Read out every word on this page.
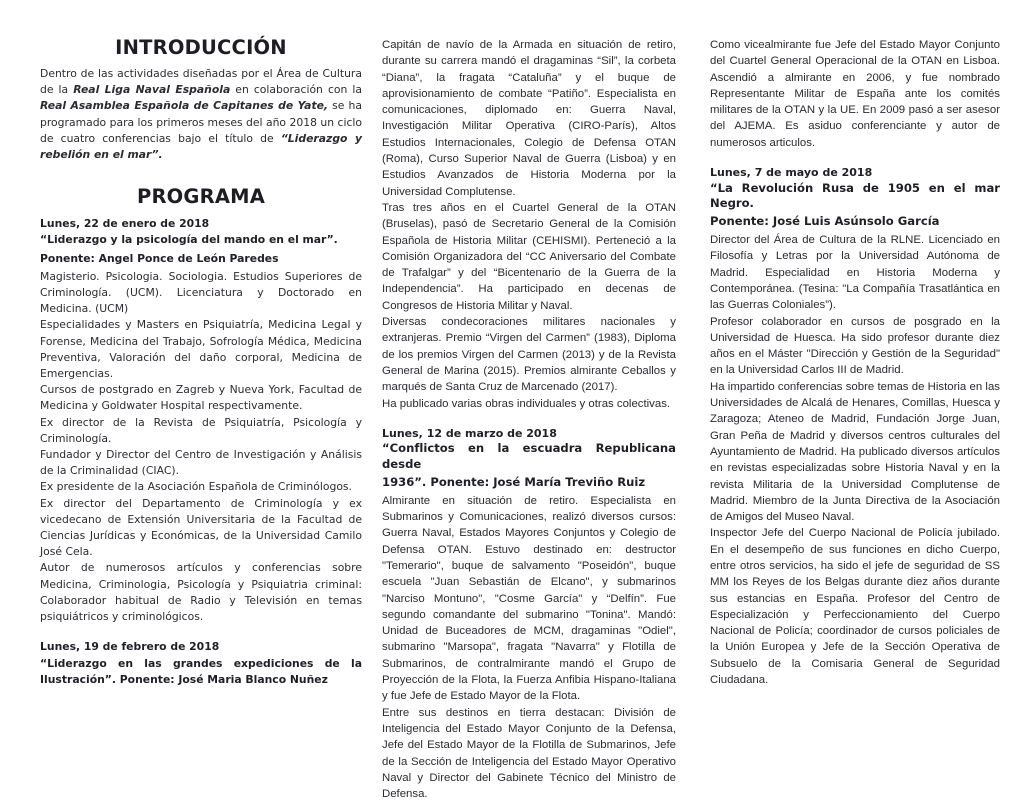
INTRODUCCIÓN

Dentro de las actividades diseñadas por el Área de Cultura de la Real Liga Naval Española en colaboración con la Real Asamblea Española de Capitanes de Yate, se ha programado para los primeros meses del año 2018 un ciclo de cuatro conferencias bajo el título de “Liderazgo y rebelión en el mar”.

PROGRAMA

Lunes, 22 de enero de 2018

“Liderazgo y la psicología del mando en el mar”.

Ponente: Angel Ponce de León Paredes

Magisterio. Psicologia. Sociologia. Estudios Superiores de Criminología. (UCM). Licenciatura y Doctorado en Medicina. (UCM)

Especialidades y Masters en Psiquiatría, Medicina Legal y Forense, Medicina del Trabajo, Sofrología Médica, Medicina Preventiva, Valoración del daño corporal, Medicina de Emergencias.

Cursos de postgrado en Zagreb y Nueva York, Facultad de Medicina y Goldwater Hospital respectivamente.

Ex director de la Revista de Psiquiatría, Psicología y Criminología.

Fundador y Director del Centro de Investigación y Análisis de la Criminalidad (CIAC).

Ex presidente de la Asociación Española de Criminólogos.

Ex director del Departamento de Criminología y ex vicedecano de Extensión Universitaria de la Facultad de Ciencias Jurídicas y Económicas, de la Universidad Camilo José Cela.

Autor de numerosos artículos y conferencias sobre Medicina, Criminologia, Psicología y Psiquiatria criminal: Colaborador habitual de Radio y Televisión en temas psiquiátricos y criminológicos.

Lunes, 19 de febrero de 2018

“Liderazgo en las grandes expediciones de la Ilustración”. Ponente: José Maria Blanco Nuñez

Capitán de navío de la Armada en situación de retiro, durante su carrera mandó el dragaminas “Sil”, la corbeta “Diana”, la fragata “Cataluña” y el buque de aprovisionamiento de combate “Patiño”. Especialista en comunicaciones, diplomado en: Guerra Naval, Investigación Militar Operativa (CIRO-París), Altos Estudios Internacionales, Colegio de Defensa OTAN (Roma), Curso Superior Naval de Guerra (Lisboa) y en Estudios Avanzados de Historia Moderna por la Universidad Complutense.

Tras tres años en el Cuartel General de la OTAN (Bruselas), pasó de Secretario General de la Comisión Española de Historia Militar (CEHISMI). Perteneció a la Comisión Organizadora del “CC Aniversario del Combate de Trafalgar” y del “Bicentenario de la Guerra de la Independencia”. Ha participado en decenas de Congresos de Historia Militar y Naval.

Diversas condecoraciones militares nacionales y extranjeras. Premio “Virgen del Carmen” (1983), Diploma de los premios Virgen del Carmen (2013) y de la Revista General de Marina (2015). Premios almirante Ceballos y marqués de Santa Cruz de Marcenado (2017).

Ha publicado varias obras individuales y otras colectivas.

Lunes, 12 de marzo de 2018

“Conflictos en la escuadra Republicana desde

1936”. Ponente: José María Treviño Ruiz

Almirante en situación de retiro. Especialista en Submarinos y Comunicaciones, realizó diversos cursos: Guerra Naval, Estados Mayores Conjuntos y Colegio de Defensa OTAN. Estuvo destinado en: destructor "Temerario", buque de salvamento "Poseidón", buque escuela "Juan Sebastián de Elcano", y submarinos "Narciso Montuno", "Cosme García" y “Delfín”. Fue segundo comandante del submarino "Tonina". Mandó: Unidad de Buceadores de MCM, dragaminas "Odiel", submarino "Marsopa", fragata "Navarra" y Flotilla de Submarinos, de contralmirante mandó el Grupo de Proyección de la Flota, la Fuerza Anfibia Hispano-Italiana y fue Jefe de Estado Mayor de la Flota.

Entre sus destinos en tierra destacan: División de Inteligencia del Estado Mayor Conjunto de la Defensa, Jefe del Estado Mayor de la Flotilla de Submarinos, Jefe de la Sección de Inteligencia del Estado Mayor Operativo Naval y Director del Gabinete Técnico del Ministro de Defensa.

Como vicealmirante fue Jefe del Estado Mayor Conjunto del Cuartel General Operacional de la OTAN en Lisboa. Ascendió a almirante en 2006, y fue nombrado Representante Militar de España ante los comités militares de la OTAN y la UE. En 2009 pasó a ser asesor del AJEMA. Es asiduo conferenciante y autor de numerosos articulos.

Lunes, 7 de mayo de 2018

“La Revolución Rusa de 1905 en el mar Negro.

Ponente: José Luis Asúnsolo García

Director del Área de Cultura de la RLNE. Licenciado en Filosofía y Letras por la Universidad Autónoma de Madrid. Especialidad en Historia Moderna y Contemporánea. (Tesina: "La Compañía Trasatlántica en las Guerras Coloniales”).

Profesor colaborador en cursos de posgrado en la Universidad de Huesca. Ha sido profesor durante diez años en el Máster "Dirección y Gestión de la Seguridad" en la Universidad Carlos III de Madrid.

Ha impartido conferencias sobre temas de Historia en las Universidades de Alcalá de Henares, Comillas, Huesca y Zaragoza; Ateneo de Madrid, Fundación Jorge Juan, Gran Peña de Madrid y diversos centros culturales del Ayuntamiento de Madrid. Ha publicado diversos artículos en revistas especializadas sobre Historia Naval y en la revista Militaria de la Universidad Complutense de Madrid. Miembro de la Junta Directiva de la Asociación de Amigos del Museo Naval.

Inspector Jefe del Cuerpo Nacional de Policía jubilado. En el desempeño de sus funciones en dicho Cuerpo, entre otros servicios, ha sido el jefe de seguridad de SS MM los Reyes de los Belgas durante diez años durante sus estancias en España. Profesor del Centro de Especialización y Perfeccionamiento del Cuerpo Nacional de Policía; coordinador de cursos policiales de la Unión Europea y Jefe de la Sección Operativa de Subsuelo de la Comisaria General de Seguridad Ciudadana.
